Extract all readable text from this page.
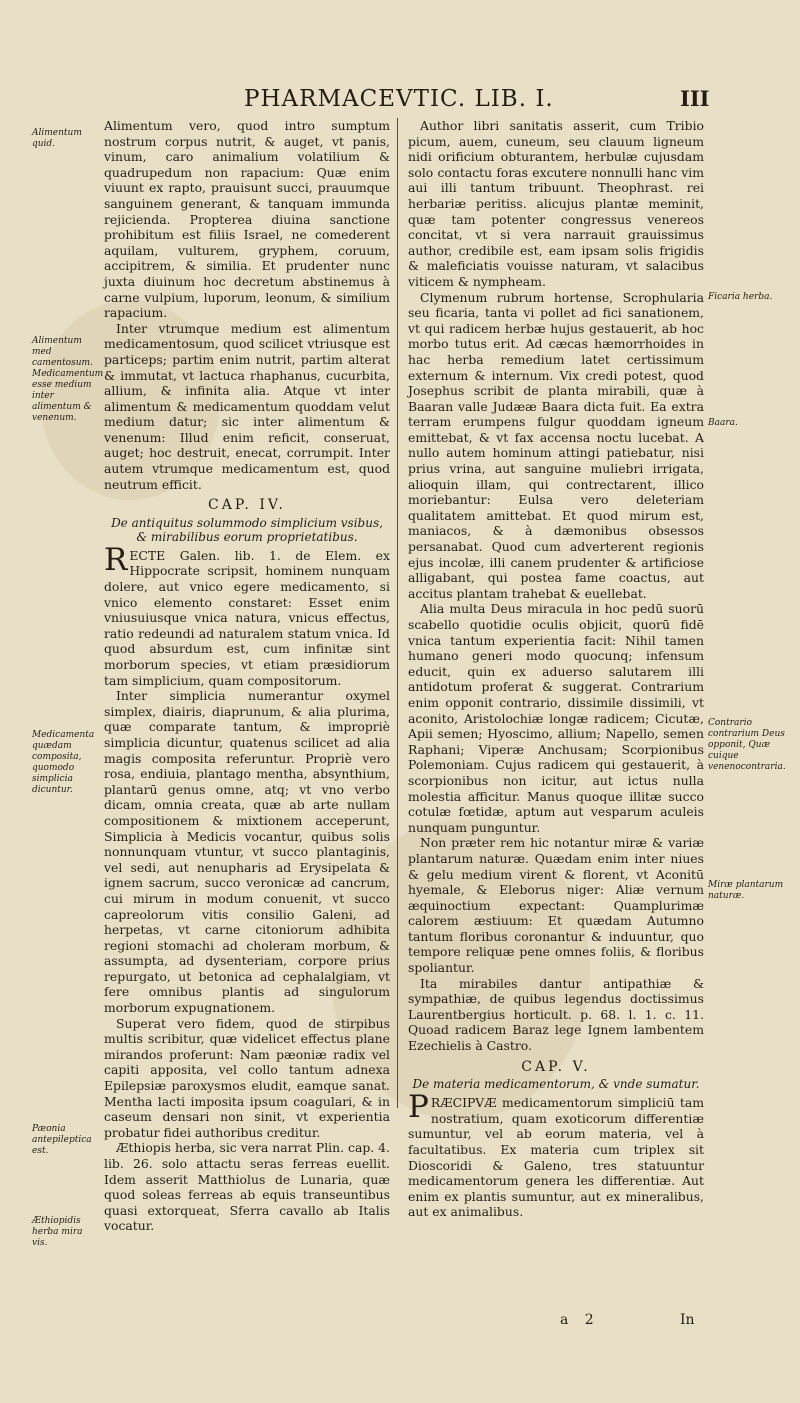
PHARMACEVTIC. LIB. I.	III
Alimentum quid.
Alimentum med camentosum. Medicamentum esse medium inter alimentum & venenum.
Medicamenta quædam composita, quomodo simplicia dicuntur.
Pæonia antepileptica est.
Æthiopidis herba mira vis.
Ficaria herba.
Baara.
Contrario contrarium Deus opponit, Quæ cuique venenocontraria.
Miræ plantarum naturæ.

Alimentum vero, quod intro sumptum nostrum corpus nutrit, & auget, vt panis, vinum, caro animalium volatilium & quadrupedum non rapacium: Quæ enim viuunt ex rapto, prauisunt succi, prauumque sanguinem generant, & tanquam immunda rejicienda. Propterea diuina sanctione prohibitum est filiis Israel, ne comederent aquilam, vulturem, gryphem, coruum, accipitrem, & similia. Et prudenter nunc juxta diuinum hoc decretum abstinemus à carne vulpium, luporum, leonum, & similium rapacium.

Inter vtrumque medium est alimentum medicamentosum, quod scilicet vtriusque est particeps; partim enim nutrit, partim alterat & immutat, vt lactuca rhaphanus, cucurbita, allium, & infinita alia. Atque vt inter alimentum & medicamentum quoddam velut medium datur; sic inter alimentum & venenum: Illud enim reficit, conseruat, auget; hoc destruit, enecat, corrumpit. Inter autem vtrumque medicamentum est, quod neutrum efficit.

CAP. IV.
De antiquitus solummodo simplicium vsibus, & mirabilibus eorum proprietatibus.

RECTE Galen. lib. 1. de Elem. ex Hippocrate scripsit, hominem nunquam dolere, aut vnico egere medicamento, si vnico elemento constaret: Esset enim vniusuiusque vnica natura, vnicus effectus, ratio redeundi ad naturalem statum vnica. Id quod absurdum est, cum infinitæ sint morborum species, vt etiam præsidiorum tam simplicium, quam compositorum.

Inter simplicia numerantur oxymel simplex, diairis, diaprunum, & alia plurima, quæ comparate tantum, & impropriè simplicia dicuntur, quatenus scilicet ad alia magis composita referuntur. Propriè vero rosa, endiuia, plantago mentha, absynthium, plantarū genus omne, atq; vt vno verbo dicam, omnia creata, quæ ab arte nullam compositionem & mixtionem acceperunt, Simplicia à Medicis vocantur, quibus solis nonnunquam vtuntur, vt succo plantaginis, vel sedi, aut nenupharis ad Erysipelata & ignem sacrum, succo veronicæ ad cancrum, cui mirum in modum conuenit, vt succo capreolorum vitis consilio Galeni, ad herpetas, vt carne citoniorum adhibita regioni stomachi ad choleram morbum, & assumpta, ad dysenteriam, corpore prius repurgato, ut betonica ad cephalalgiam, vt fere omnibus plantis ad singulorum morborum expugnationem.

Superat vero fidem, quod de stirpibus multis scribitur, quæ videlicet effectus plane mirandos proferunt: Nam pæoniæ radix vel capiti apposita, vel collo tantum adnexa Epilepsiæ paroxysmos eludit, eamque sanat. Mentha lacti imposita ipsum coagulari, & in caseum densari non sinit, vt experientia probatur fidei authoribus creditur.

Æthiopis herba, sic vera narrat Plin. cap. 4. lib. 26. solo attactu seras ferreas euellit. Idem asserit Matthiolus de Lunaria, quæ quod soleas ferreas ab equis transeuntibus quasi extorqueat, Sferra cavallo ab Italis vocatur.

Author libri sanitatis asserit, cum Tribio picum, auem, cuneum, seu clauum ligneum nidi orificium obturantem, herbulæ cujusdam solo contactu foras excutere nonnulli hanc vim aui illi tantum tribuunt. Theophrast. rei herbariæ peritiss. alicujus plantæ meminit, quæ tam potenter congressus venereos concitat, vt si vera narrauit grauissimus author, credibile est, eam ipsam solis frigidis & maleficiatis vouisse naturam, vt salacibus viticem & nympheam.

Clymenum rubrum hortense, Scrophularia seu ficaria, tanta vi pollet ad fici sanationem, vt qui radicem herbæ hujus gestauerit, ab hoc morbo tutus erit. Ad cæcas hæmorrhoides in hac herba remedium latet certissimum externum & internum. Vix credi potest, quod Josephus scribit de planta mirabili, quæ à Baaran valle Judææ Baara dicta fuit. Ea extra terram erumpens fulgur quoddam igneum emittebat, & vt fax accensa noctu lucebat. A nullo autem hominum attingi patiebatur, nisi prius vrina, aut sanguine muliebri irrigata, alioquin illam, qui contrectarent, illico moriebantur: Eulsa vero deleteriam qualitatem amittebat. Et quod mirum est, maniacos, & à dæmonibus obsessos persanabat. Quod cum adverterent regionis ejus incolæ, illi canem prudenter & artificiose alligabant, qui postea fame coactus, aut accitus plantam trahebat & euellebat.

Alia multa Deus miracula in hoc pedū suorū scabello quotidie oculis objicit, quorū fidē vnica tantum experientia facit: Nihil tamen humano generi modo quocunq; infensum educit, quin ex aduerso salutarem illi antidotum proferat & suggerat. Contrarium enim opponit contrario, dissimile dissimili, vt aconito, Aristolochiæ longæ radicem; Cicutæ, Apii semen; Hyoscimo, allium; Napello, semen Raphani; Viperæ Anchusam; Scorpionibus Polemoniam. Cujus radicem qui gestauerit, à scorpionibus non icitur, aut ictus nulla molestia afficitur. Manus quoque illitæ succo cotulæ fœtidæ, aptum aut vesparum aculeis nunquam punguntur.

Non præter rem hic notantur miræ & variæ plantarum naturæ. Quædam enim inter niues & gelu medium virent & florent, vt Aconitū hyemale, & Eleborus niger: Aliæ vernum æquinoctium expectant: Quamplurimæ calorem æstiuum: Et quædam Autumno tantum floribus coronantur & induuntur, quo tempore reliquæ pene omnes foliis, & floribus spoliantur.

Ita mirabiles dantur antipathiæ & sympathiæ, de quibus legendus doctissimus Laurentbergius horticult. p. 68. l. 1. c. 11. Quoad radicem Baraz lege Ignem lambentem Ezechielis à Castro.

CAP. V.
De materia medicamentorum, & vnde sumatur.

PRÆCIPVÆ medicamentorum simpliciū tam nostratium, quam exoticorum differentiæ sumuntur, vel ab eorum materia, vel à facultatibus. Ex materia cum triplex sit Dioscoridi & Galeno, tres statuuntur medicamentorum genera les differentiæ. Aut enim ex plantis sumuntur, aut ex mineralibus, aut ex animalibus.

a 2	In
